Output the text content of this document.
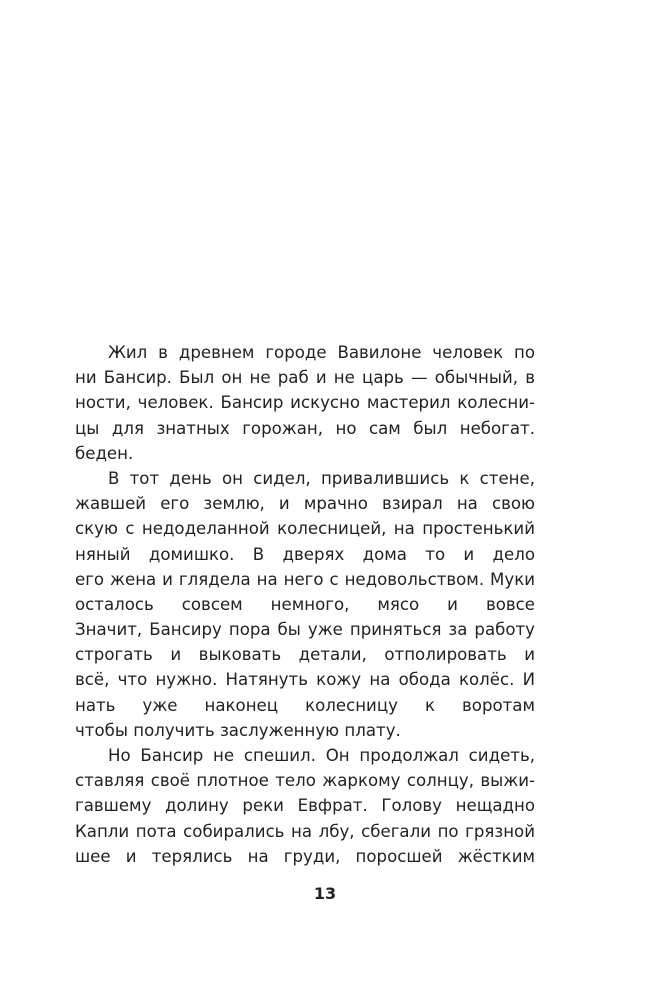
Жил в древнем городе Вавилоне человек по
ни Бансир. Был он не раб и не царь — обычный, в
ности, человек. Бансир искусно мастерил колесни-
цы для знатных горожан, но сам был небогат.
беден.
В тот день он сидел, привалившись к стене,
жавшей его землю, и мрачно взирал на свою
скую с недоделанной колесницей, на простенький
няный домишко. В дверях дома то и дело
его жена и глядела на него с недовольством. Муки
осталось совсем немного, мясо и вовсе
Значит, Бансиру пора бы уже приняться за работу
строгать и выковать детали, отполировать и
всё, что нужно. Натянуть кожу на обода колёс. И
нать уже наконец колесницу к воротам
чтобы получить заслуженную плату.
Но Бансир не спешил. Он продолжал сидеть,
ставляя своё плотное тело жаркому солнцу, выжи-
гавшему долину реки Евфрат. Голову нещадно
Капли пота собирались на лбу, сбегали по грязной
шее и терялись на груди, поросшей жёстким
13
